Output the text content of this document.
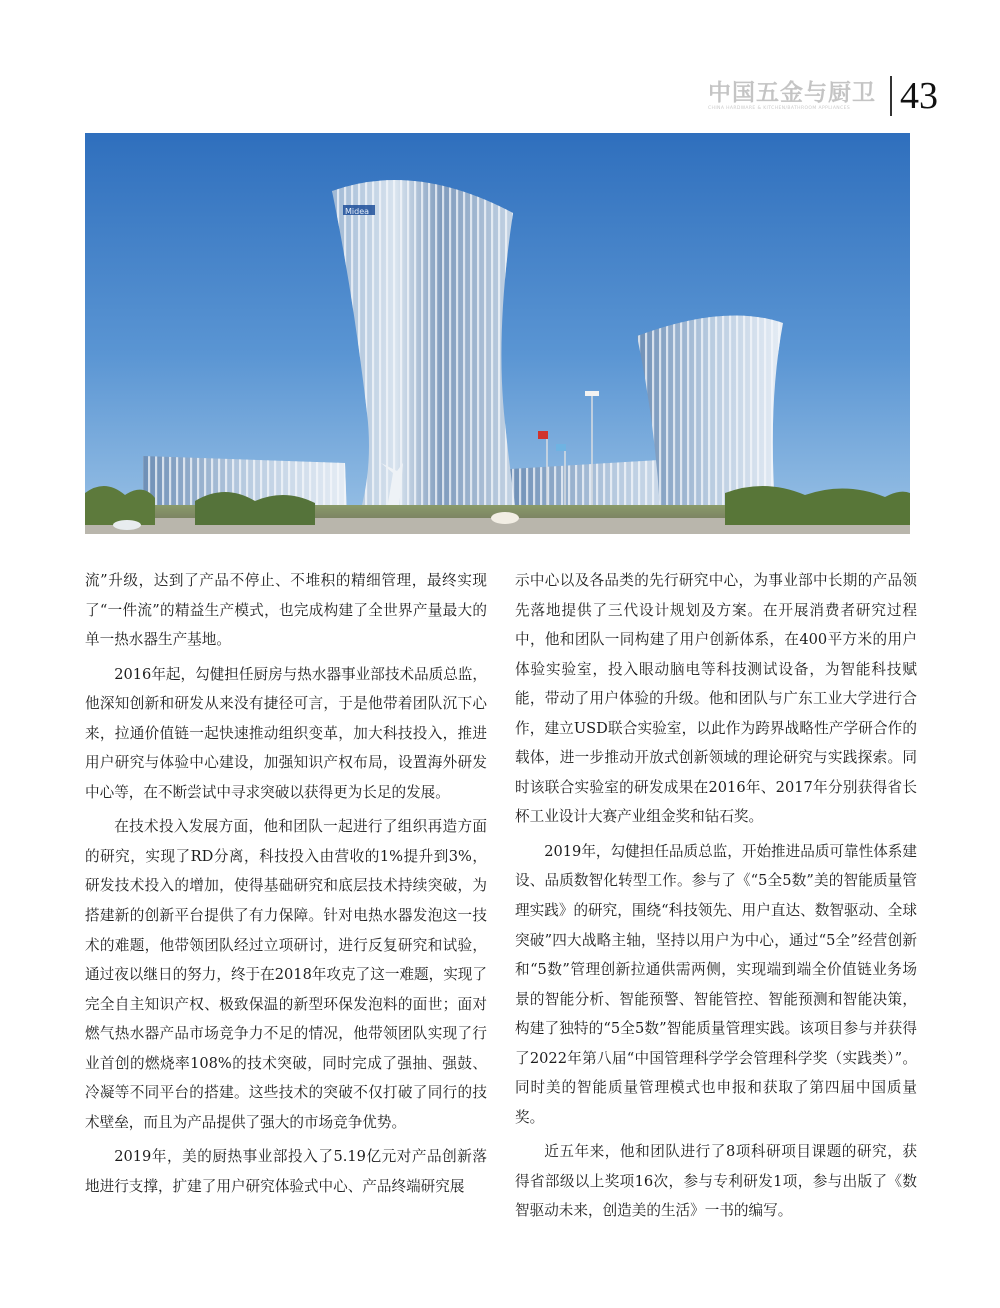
中国五金与厨卫
CHINA HARDWARE & KITCHEN/BATHROOM APPLIANCES 43
Midea

流”升级，达到了产品不停止、不堆积的精细管理，最终实现了“一件流”的精益生产模式，也完成构建了全世界产量最大的单一热水器生产基地。

2016年起，勾健担任厨房与热水器事业部技术品质总监，他深知创新和研发从来没有捷径可言，于是他带着团队沉下心来，拉通价值链一起快速推动组织变革，加大科技投入，推进用户研究与体验中心建设，加强知识产权布局，设置海外研发中心等，在不断尝试中寻求突破以获得更为长足的发展。

在技术投入发展方面，他和团队一起进行了组织再造方面的研究，实现了RD分离，科技投入由营收的1%提升到3%，研发技术投入的增加，使得基础研究和底层技术持续突破，为搭建新的创新平台提供了有力保障。针对电热水器发泡这一技术的难题，他带领团队经过立项研讨，进行反复研究和试验，通过夜以继日的努力，终于在2018年攻克了这一难题，实现了完全自主知识产权、极致保温的新型环保发泡料的面世；面对燃气热水器产品市场竞争力不足的情况，他带领团队实现了行业首创的燃烧率108%的技术突破，同时完成了强抽、强鼓、冷凝等不同平台的搭建。这些技术的突破不仅打破了同行的技术壁垒，而且为产品提供了强大的市场竞争优势。

2019年，美的厨热事业部投入了5.19亿元对产品创新落地进行支撑，扩建了用户研究体验式中心、产品终端研究展

示中心以及各品类的先行研究中心，为事业部中长期的产品领先落地提供了三代设计规划及方案。在开展消费者研究过程中，他和团队一同构建了用户创新体系，在400平方米的用户体验实验室，投入眼动脑电等科技测试设备，为智能科技赋能，带动了用户体验的升级。他和团队与广东工业大学进行合作，建立USD联合实验室，以此作为跨界战略性产学研合作的载体，进一步推动开放式创新领域的理论研究与实践探索。同时该联合实验室的研发成果在2016年、2017年分别获得省长杯工业设计大赛产业组金奖和钻石奖。

2019年，勾健担任品质总监，开始推进品质可靠性体系建设、品质数智化转型工作。参与了《“5全5数”美的智能质量管理实践》的研究，围绕“科技领先、用户直达、数智驱动、全球突破”四大战略主轴，坚持以用户为中心，通过“5全”经营创新和“5数”管理创新拉通供需两侧，实现端到端全价值链业务场景的智能分析、智能预警、智能管控、智能预测和智能决策，构建了独特的“5全5数”智能质量管理实践。该项目参与并获得了2022年第八届“中国管理科学学会管理科学奖（实践类）”。同时美的智能质量管理模式也申报和获取了第四届中国质量奖。

近五年来，他和团队进行了8项科研项目课题的研究，获得省部级以上奖项16次，参与专利研发1项，参与出版了《数智驱动未来，创造美的生活》一书的编写。
